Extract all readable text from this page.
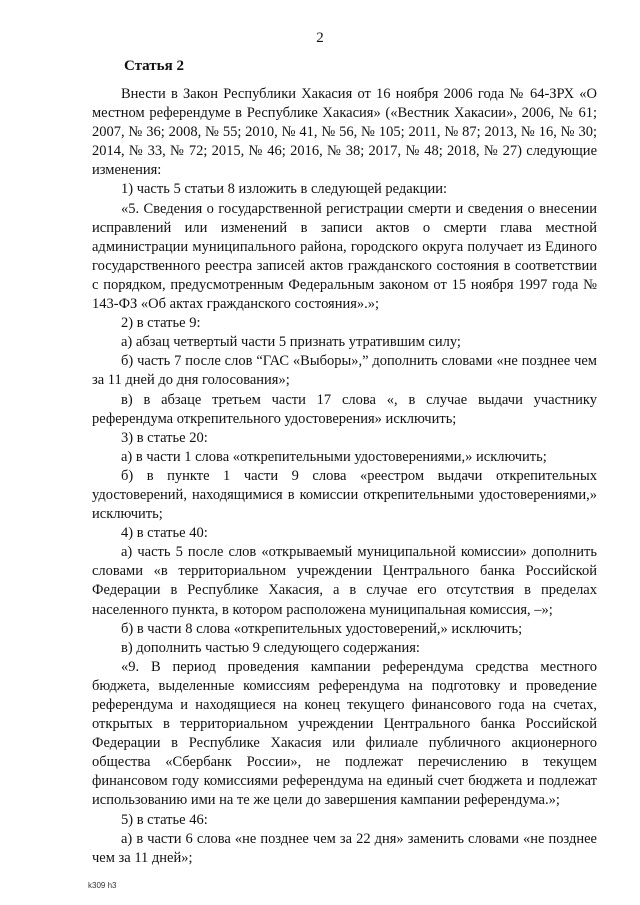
2
Статья 2

Внести в Закон Республики Хакасия от 16 ноября 2006 года № 64-ЗРХ «О местном референдуме в Республике Хакасия» («Вестник Хакасии», 2006, № 61; 2007, № 36; 2008, № 55; 2010, № 41, № 56, № 105; 2011, № 87; 2013, № 16, № 30; 2014, № 33, № 72; 2015, № 46; 2016, № 38; 2017, № 48; 2018, № 27) следующие изменения:

1) часть 5 статьи 8 изложить в следующей редакции:

«5. Сведения о государственной регистрации смерти и сведения о внесении исправлений или изменений в записи актов о смерти глава местной администрации муниципального района, городского округа получает из Единого государственного реестра записей актов гражданского состояния в соответствии с порядком, предусмотренным Федеральным законом от 15 ноября 1997 года № 143-ФЗ «Об актах гражданского состояния».»;

2) в статье 9:

а) абзац четвертый части 5 признать утратившим силу;

б) часть 7 после слов “ГАС «Выборы»,” дополнить словами «не позднее чем за 11 дней до дня голосования»;

в) в абзаце третьем части 17 слова «, в случае выдачи участнику референдума открепительного удостоверения» исключить;

3) в статье 20:

а) в части 1 слова «открепительными удостоверениями,» исключить;

б) в пункте 1 части 9 слова «реестром выдачи открепительных удостоверений, находящимися в комиссии открепительными удостоверениями,» исключить;

4) в статье 40:

а) часть 5 после слов «открываемый муниципальной комиссии» дополнить словами «в территориальном учреждении Центрального банка Российской Федерации в Республике Хакасия, а в случае его отсутствия в пределах населенного пункта, в котором расположена муниципальная комиссия, –»;

б) в части 8 слова «открепительных удостоверений,» исключить;

в) дополнить частью 9 следующего содержания:

«9. В период проведения кампании референдума средства местного бюджета, выделенные комиссиям референдума на подготовку и проведение референдума и находящиеся на конец текущего финансового года на счетах, открытых в территориальном учреждении Центрального банка Российской Федерации в Республике Хакасия или филиале публичного акционерного общества «Сбербанк России», не подлежат перечислению в текущем финансовом году комиссиями референдума на единый счет бюджета и подлежат использованию ими на те же цели до завершения кампании референдума.»;

5) в статье 46:

а) в части 6 слова «не позднее чем за 22 дня» заменить словами «не позднее чем за 11 дней»;

k309 h3
